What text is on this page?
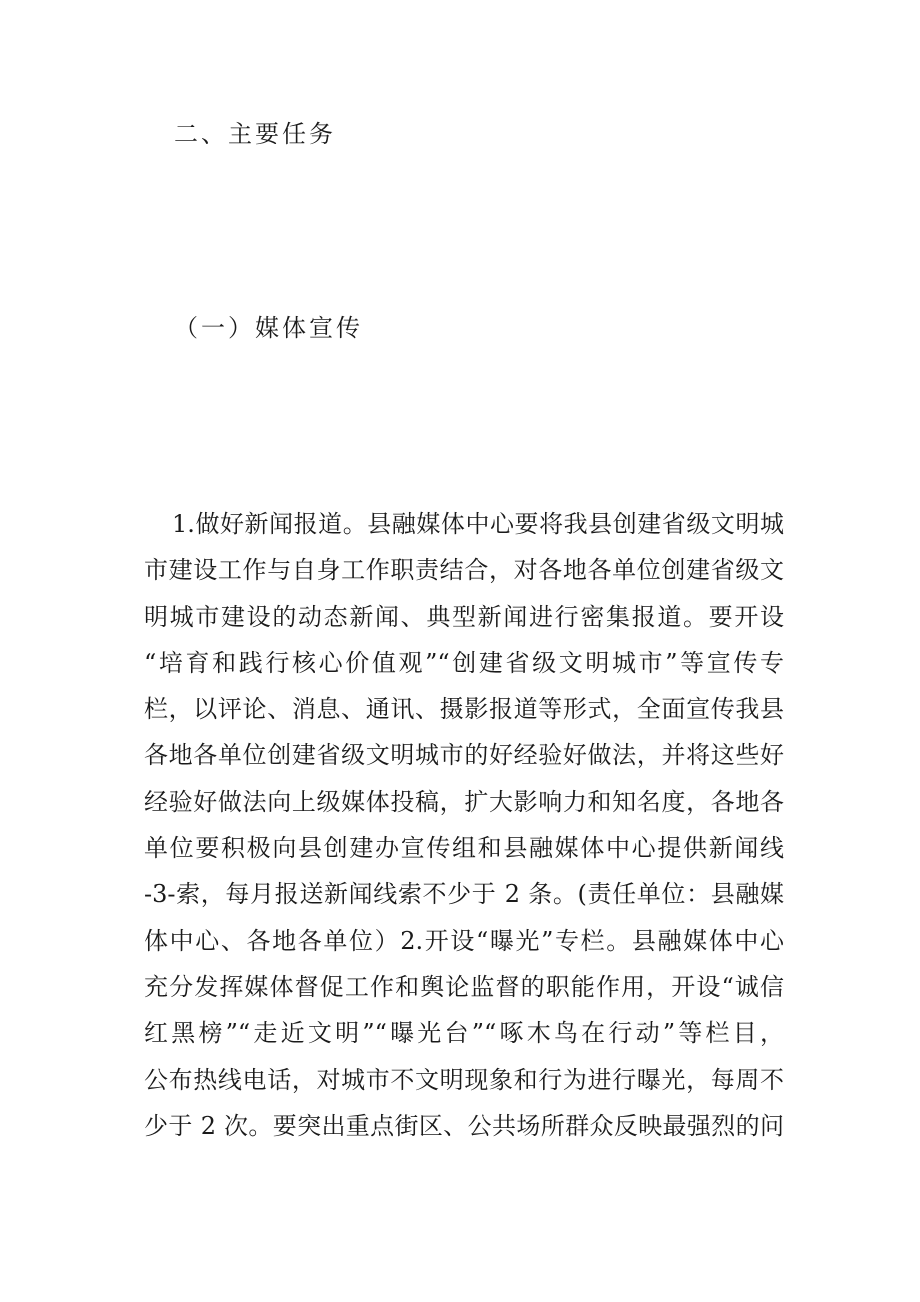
二、主要任务
（一）媒体宣传
1.做好新闻报道。县融媒体中心要将我县创建省级文明城
市建设工作与自身工作职责结合，对各地各单位创建省级文
明城市建设的动态新闻、典型新闻进行密集报道。要开设
“培育和践行核心价值观”“创建省级文明城市”等宣传专
栏，以评论、消息、通讯、摄影报道等形式，全面宣传我县
各地各单位创建省级文明城市的好经验好做法，并将这些好
经验好做法向上级媒体投稿，扩大影响力和知名度，各地各
单位要积极向县创建办宣传组和县融媒体中心提供新闻线
-3-索，每月报送新闻线索不少于 2 条。(责任单位：县融媒
体中心、各地各单位）2.开设“曝光”专栏。县融媒体中心
充分发挥媒体督促工作和舆论监督的职能作用，开设“诚信
红黑榜”“走近文明”“曝光台”“啄木鸟在行动”等栏目，
公布热线电话，对城市不文明现象和行为进行曝光，每周不
少于 2 次。要突出重点街区、公共场所群众反映最强烈的问
